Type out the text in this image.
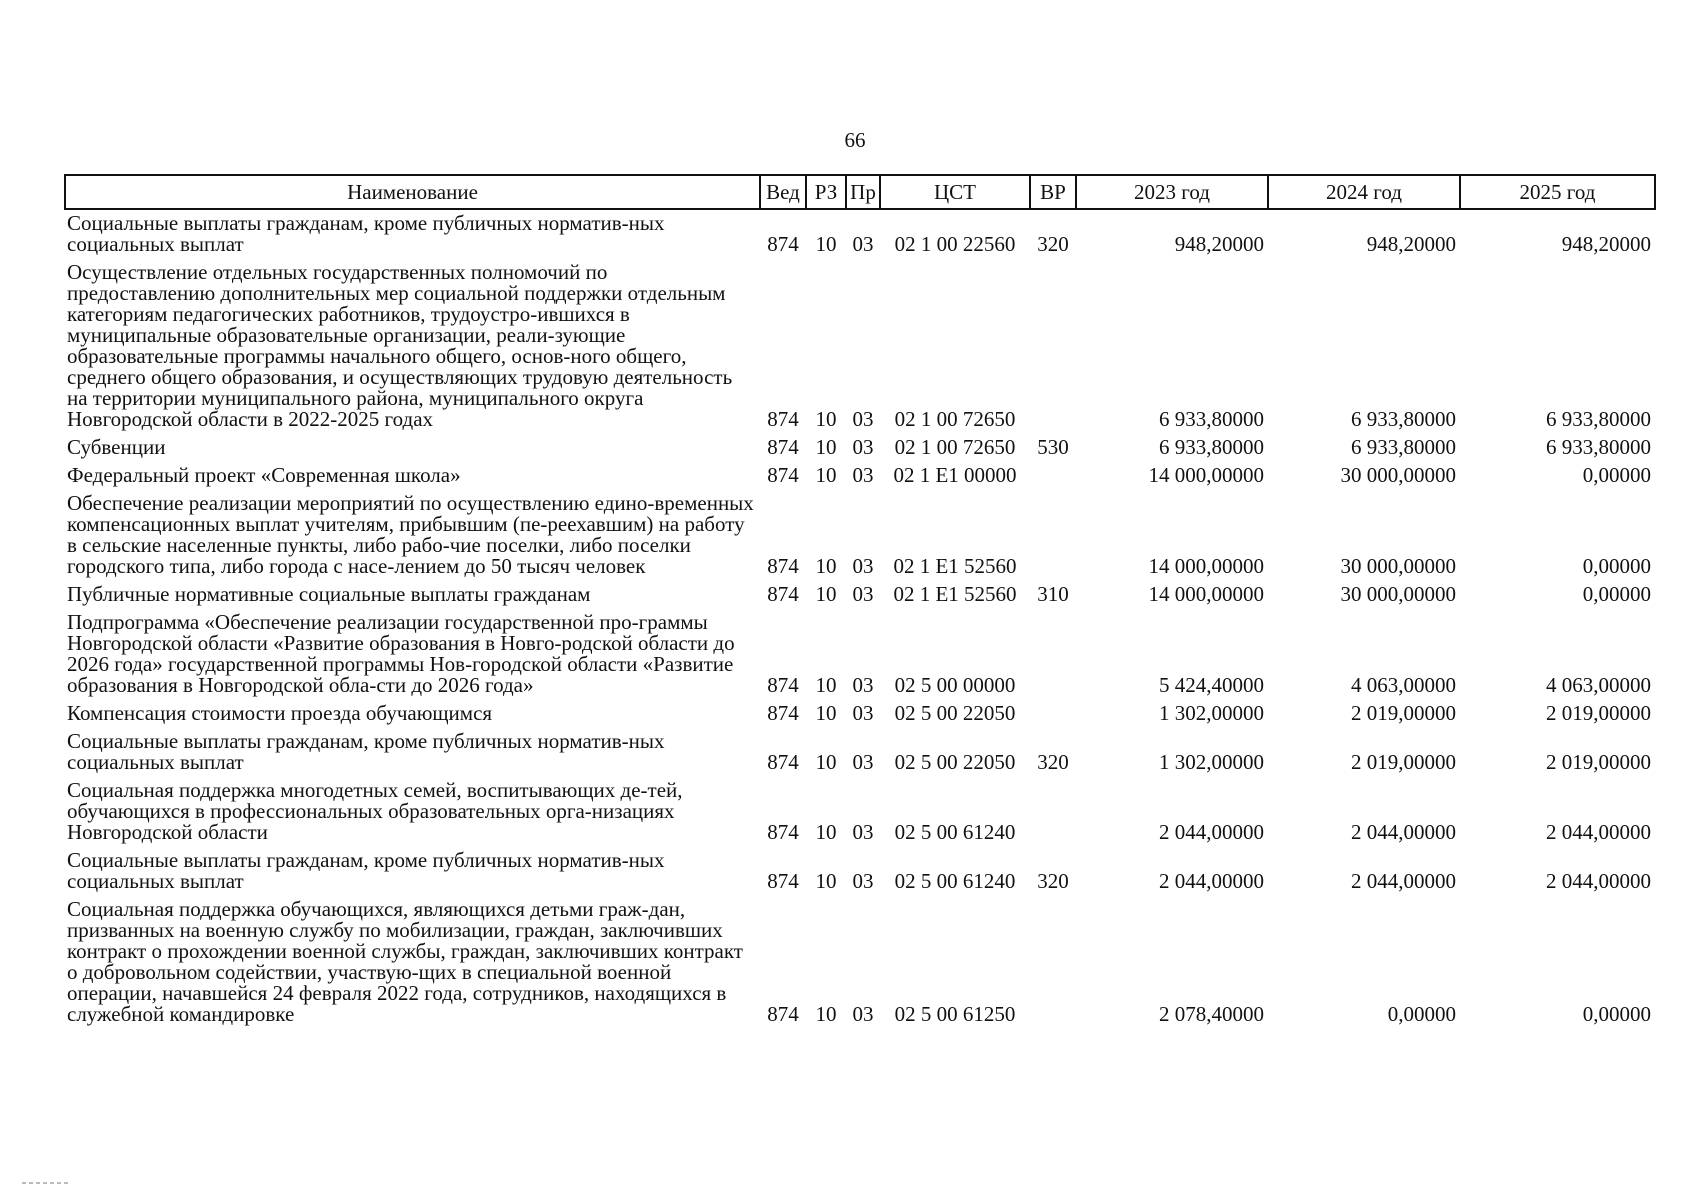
66
Наименование	Вед	РЗ	Пр	ЦСТ	ВР	2023 год	2024 год	2025 год
Социальные выплаты гражданам, кроме публичных норматив-ных социальных выплат	874	10	03	02 1 00 22560	320	948,20000	948,20000	948,20000
Осуществление отдельных государственных полномочий по предоставлению дополнительных мер социальной поддержки отдельным категориям педагогических работников, трудоустро-ившихся в муниципальные образовательные организации, реали-зующие образовательные программы начального общего, основ-ного общего, среднего общего образования, и осуществляющих трудовую деятельность на территории муниципального района, муниципального округа Новгородской области в 2022-2025 годах	874	10	03	02 1 00 72650		6 933,80000	6 933,80000	6 933,80000
Субвенции	874	10	03	02 1 00 72650	530	6 933,80000	6 933,80000	6 933,80000
Федеральный проект «Современная школа»	874	10	03	02 1 E1 00000		14 000,00000	30 000,00000	0,00000
Обеспечение реализации мероприятий по осуществлению едино-временных компенсационных выплат учителям, прибывшим (пе-реехавшим) на работу в сельские населенные пункты, либо рабо-чие поселки, либо поселки городского типа, либо города с насе-лением до 50 тысяч человек	874	10	03	02 1 E1 52560		14 000,00000	30 000,00000	0,00000
Публичные нормативные социальные выплаты гражданам	874	10	03	02 1 E1 52560	310	14 000,00000	30 000,00000	0,00000
Подпрограмма «Обеспечение реализации государственной про-граммы Новгородской области «Развитие образования в Новго-родской области до 2026 года» государственной программы Нов-городской области «Развитие образования в Новгородской обла-сти до 2026 года»	874	10	03	02 5 00 00000		5 424,40000	4 063,00000	4 063,00000
Компенсация стоимости проезда обучающимся	874	10	03	02 5 00 22050		1 302,00000	2 019,00000	2 019,00000
Социальные выплаты гражданам, кроме публичных норматив-ных социальных выплат	874	10	03	02 5 00 22050	320	1 302,00000	2 019,00000	2 019,00000
Социальная поддержка многодетных семей, воспитывающих де-тей, обучающихся в профессиональных образовательных орга-низациях Новгородской области	874	10	03	02 5 00 61240		2 044,00000	2 044,00000	2 044,00000
Социальные выплаты гражданам, кроме публичных норматив-ных социальных выплат	874	10	03	02 5 00 61240	320	2 044,00000	2 044,00000	2 044,00000
Социальная поддержка обучающихся, являющихся детьми граж-дан, призванных на военную службу по мобилизации, граждан, заключивших контракт о прохождении военной службы, граждан, заключивших контракт о добровольном содействии, участвую-щих в специальной военной операции, начавшейся 24 февраля 2022 года, сотрудников, находящихся в служебной командировке	874	10	03	02 5 00 61250		2 078,40000	0,00000	0,00000
